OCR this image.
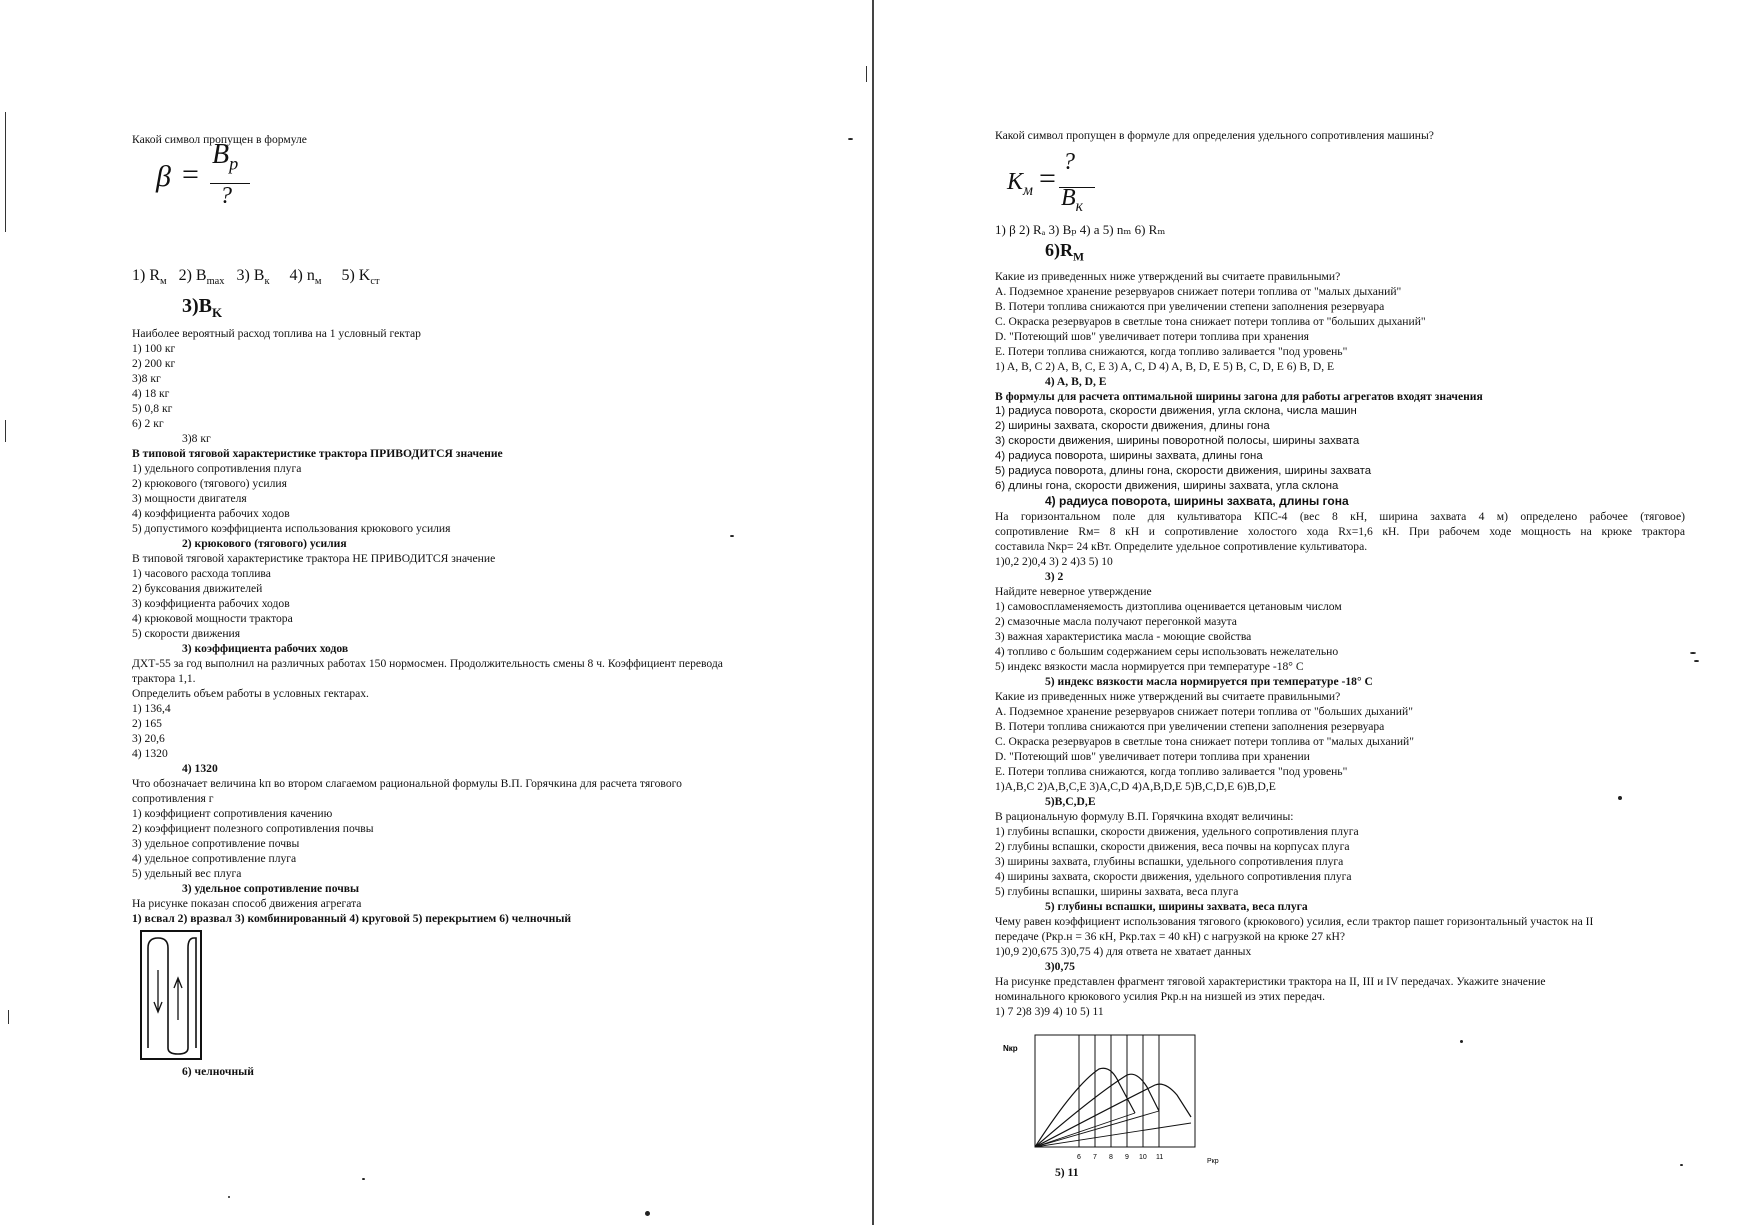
Какой символ пропущен в формуле
β =
$B_p$
?
1) $R_м$ 2) $B_{max}$ 3) $B_к$ 4) $n_м$ 5) $K_{ст}$
$3)B_K$
Наиболее вероятный расход топлива на 1 условный гектар
1) 100 кг
2) 200 кг
3)8 кг
4) 18 кг
5) 0,8 кг
6) 2 кг
3)8 кг
В типовой тяговой характеристике трактора ПРИВОДИТСЯ значение
1) удельного сопротивления плуга
2) крюкового (тягового) усилия
3) мощности двигателя
4) коэффициента рабочих ходов
5) допустимого коэффициента использования крюкового усилия
2) крюкового (тягового) усилия
В типовой тяговой характеристике трактора НЕ ПРИВОДИТСЯ значение
1) часового расхода топлива
2) буксования движителей
3) коэффициента рабочих ходов
4) крюковой мощности трактора
5) скорости движения
3) коэффициента рабочих ходов
ДХТ-55 за год выполнил на различных работах 150 нормосмен. Продолжительность смены 8 ч. Коэффициент перевода
трактора 1,1.
Определить объем работы в условных гектарах.
1) 136,4
2) 165
3) 20,6
4) 1320
4) 1320
Что обозначает величина kп во втором слагаемом рациональной формулы В.П. Горячкина для расчета тягового
сопротивления г
1) коэффициент сопротивления качению
2) коэффициент полезного сопротивления почвы
3) удельное сопротивление почвы
4) удельное сопротивление плуга
5) удельный вес плуга
3) удельное сопротивление почвы
На рисунке показан способ движения агрегата
1) всвал 2) вразвал 3) комбинированный 4) круговой 5) перекрытием 6) челночный
6) челночный
Какой символ пропущен в формуле для определения удельного сопротивления машины?
$K_м$ = ?
$B_к$
1) β 2) Rₐ 3) Bₚ 4) a 5) nₘ 6) Rₘ
$6)R_M$
Какие из приведенных ниже утверждений вы считаете правильными?
A. Подземное хранение резервуаров снижает потери топлива от "малых дыханий"
B. Потери топлива снижаются при увеличении степени заполнения резервуара
C. Окраска резервуаров в светлые тона снижает потери топлива от "больших дыханий"
D. "Потеющий шов" увеличивает потери топлива при хранения
E. Потери топлива снижаются, когда топливо заливается "под уровень"
1) A, B, C 2) A, B, C, E 3) A, C, D 4) A, B, D, E 5) B, C, D, E 6) B, D, E
4) A, B, D, E
В формулы для расчета оптимальной ширины загона для работы агрегатов входят значения
1) радиуса поворота, скорости движения, угла склона, числа машин
2) ширины захвата, скорости движения, длины гона
3) скорости движения, ширины поворотной полосы, ширины захвата
4) радиуса поворота, ширины захвата, длины гона
5) радиуса поворота, длины гона, скорости движения, ширины захвата
6) длины гона, скорости движения, ширины захвата, угла склона
4) радиуса поворота, ширины захвата, длины гона
На горизонтальном поле для культиватора КПС-4 (вес 8 кН, ширина захвата 4 м) определено рабочее (тяговое)
сопротивление Rм= 8 кН и сопротивление холостого хода Rx=1,6 кН. При рабочем ходе мощность на крюке трактора
составила Nкр= 24 кВт. Определите удельное сопротивление культиватора.
1)0,2 2)0,4 3) 2 4)3 5) 10
3) 2
Найдите неверное утверждение
1) самовоспламеняемость дизтоплива оценивается цетановым числом
2) смазочные масла получают перегонкой мазута
3) важная характеристика масла - моющие свойства
4) топливо с большим содержанием серы использовать нежелательно
5) индекс вязкости масла нормируется при температуре -18° С
5) индекс вязкости масла нормируется при температуре -18° С
Какие из приведенных ниже утверждений вы считаете правильными?
A. Подземное хранение резервуаров снижает потери топлива от "больших дыханий"
B. Потери топлива снижаются при увеличении степени заполнения резервуара
C. Окраска резервуаров в светлые тона снижает потери топлива от "малых дыханий"
D. "Потеющий шов" увеличивает потери топлива при хранении
E. Потери топлива снижаются, когда топливо заливается "под уровень"
1)A,B,C 2)A,B,C,E 3)A,C,D 4)A,B,D,E 5)B,C,D,E 6)B,D,E
5)B,C,D,E
В рациональную формулу В.П. Горячкина входят величины:
1) глубины вспашки, скорости движения, удельного сопротивления плуга
2) глубины вспашки, скорости движения, веса почвы на корпусах плуга
3) ширины захвата, глубины вспашки, удельного сопротивления плуга
4) ширины захвата, скорости движения, удельного сопротивления плуга
5) глубины вспашки, ширины захвата, веса плуга
5) глубины вспашки, ширины захвата, веса плуга
Чему равен коэффициент использования тягового (крюкового) усилия, если трактор пашет горизонтальный участок на II
передаче (Ркр.н = 36 кН, Ркр.тах = 40 кН) с нагрузкой на крюке 27 кН?
1)0,9 2)0,675 3)0,75 4) для ответа не хватает данных
3)0,75
На рисунке представлен фрагмент тяговой характеристики трактора на II, III и IV передачах. Укажите значение
номинального крюкового усилия Ркр.н на низшей из этих передач.
1) 7 2)8 3)9 4) 10 5) 11
Nкр
6 7 8 9 10 11
Ркр
5) 11
